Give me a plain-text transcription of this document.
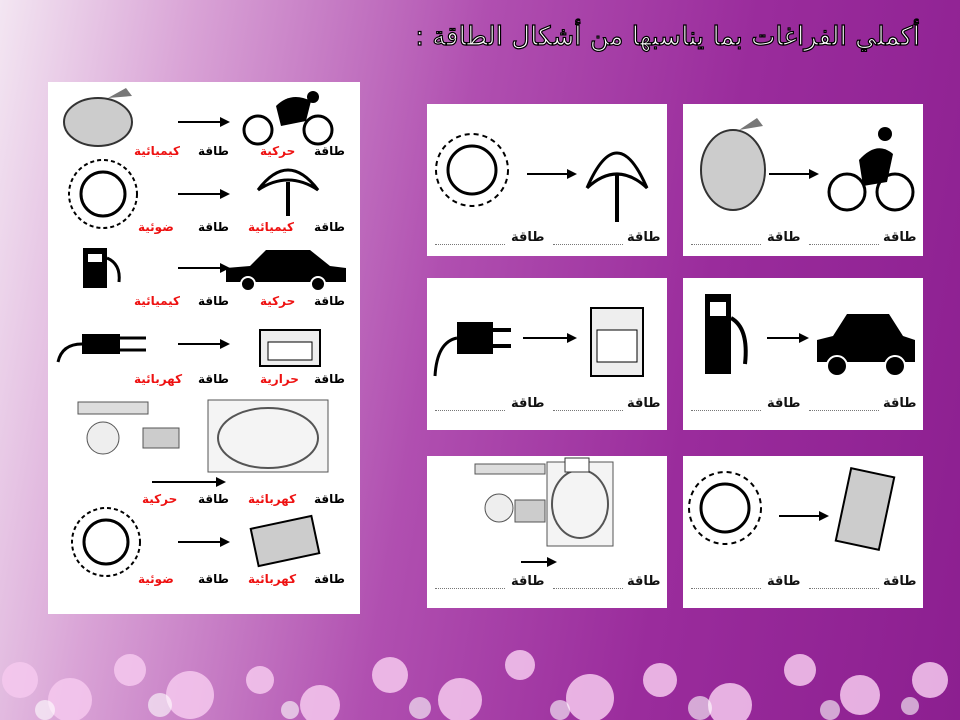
أكملي الفراغات بما يناسبها من أشكال الطاقة :
طاقة
كيميائية	طاقة
حركية
طاقة
ضوئية	طاقة
كيميائية
طاقة
كيميائية	طاقة
حركية
طاقة
كهربائية	طاقة
حرارية
طاقة
حركية	طاقة
كهربائية
طاقة
ضوئية	طاقة
كهربائية
طاقة	طاقة	طاقة	طاقة
طاقة	طاقة	طاقة	طاقة
طاقة	طاقة	طاقة	طاقة
